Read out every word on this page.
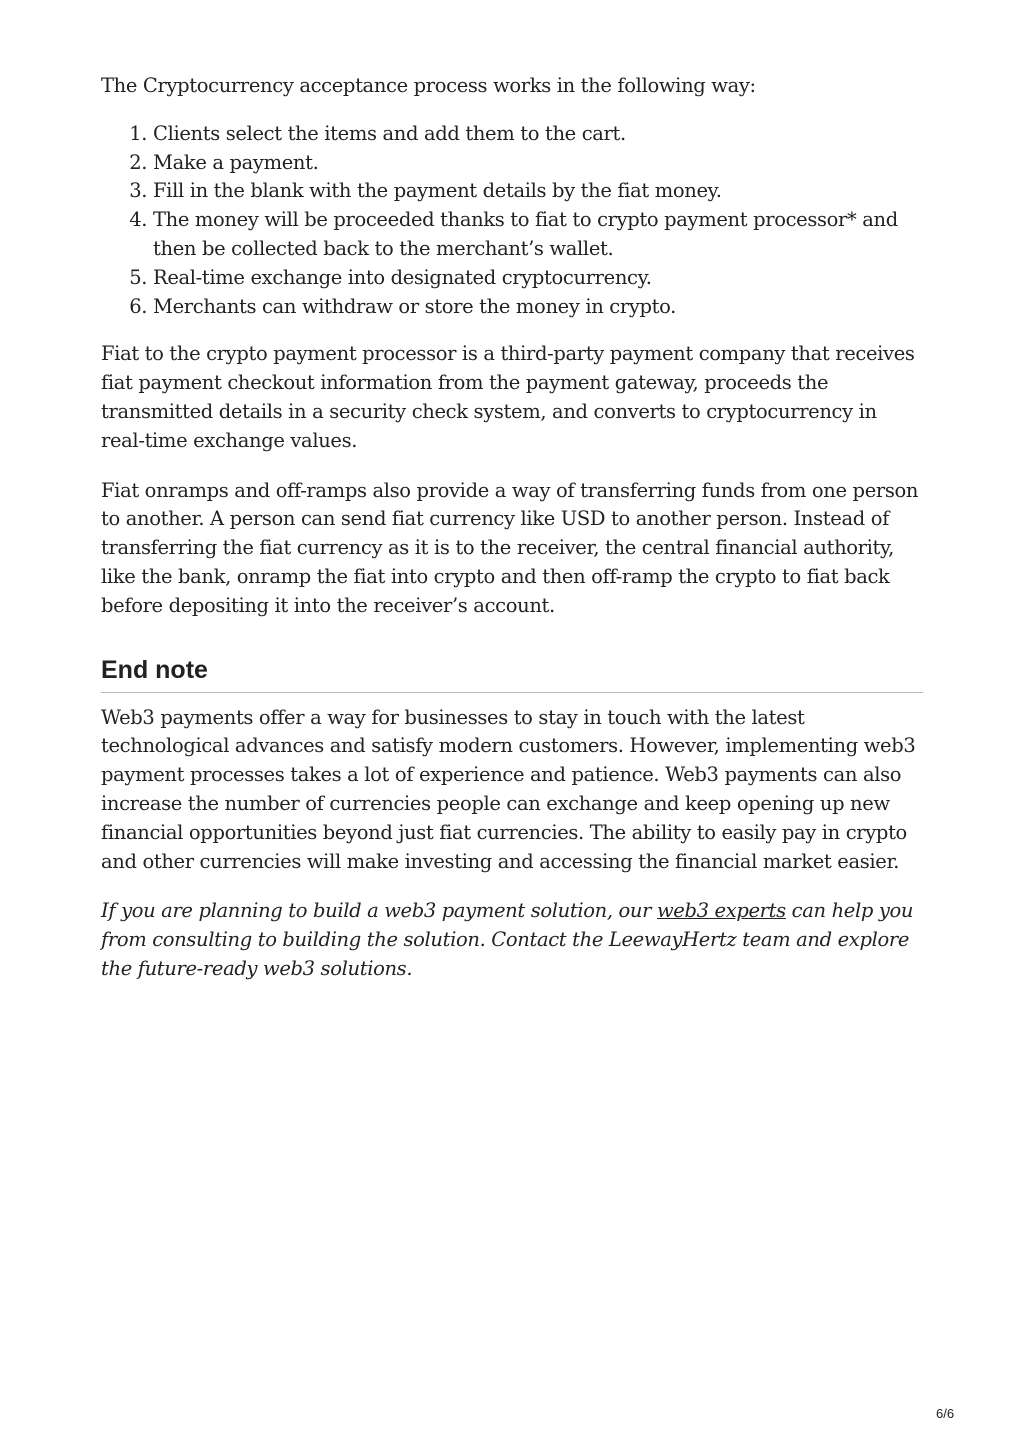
The Cryptocurrency acceptance process works in the following way:

1. Clients select the items and add them to the cart.
2. Make a payment.
3. Fill in the blank with the payment details by the fiat money.
4. The money will be proceeded thanks to fiat to crypto payment processor* and then be collected back to the merchant’s wallet.
5. Real-time exchange into designated cryptocurrency.
6. Merchants can withdraw or store the money in crypto.

Fiat to the crypto payment processor is a third-party payment company that receives fiat payment checkout information from the payment gateway, proceeds the transmitted details in a security check system, and converts to cryptocurrency in real-time exchange values.

Fiat onramps and off-ramps also provide a way of transferring funds from one person to another. A person can send fiat currency like USD to another person. Instead of transferring the fiat currency as it is to the receiver, the central financial authority, like the bank, onramp the fiat into crypto and then off-ramp the crypto to fiat back before depositing it into the receiver’s account.

End note

Web3 payments offer a way for businesses to stay in touch with the latest technological advances and satisfy modern customers. However, implementing web3 payment processes takes a lot of experience and patience. Web3 payments can also increase the number of currencies people can exchange and keep opening up new financial opportunities beyond just fiat currencies. The ability to easily pay in crypto and other currencies will make investing and accessing the financial market easier.

If you are planning to build a web3 payment solution, our web3 experts can help you from consulting to building the solution. Contact the LeewayHertz team and explore the future-ready web3 solutions.

6/6
